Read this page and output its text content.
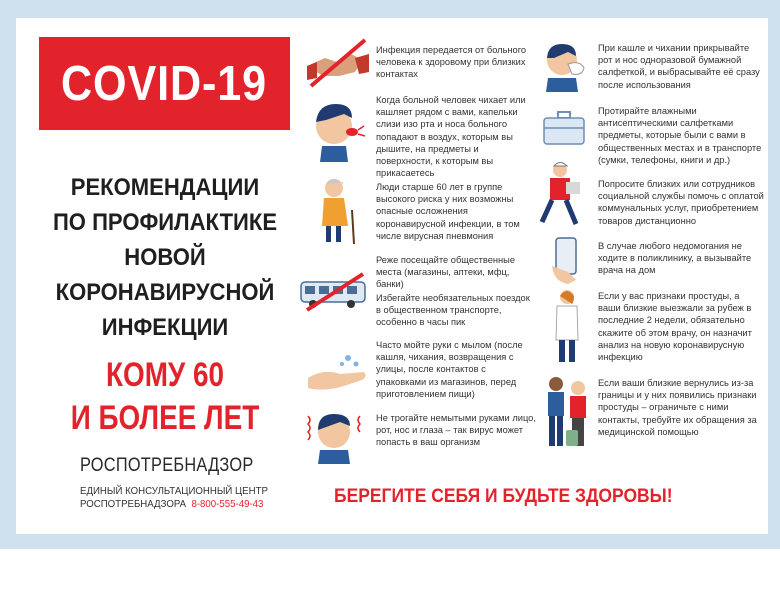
COVID-19
РЕКОМЕНДАЦИИ
ПО ПРОФИЛАКТИКЕ
НОВОЙ
КОРОНАВИРУСНОЙ
ИНФЕКЦИИ
КОМУ 60
И БОЛЕЕ ЛЕТ
РОСПОТРЕБНАДЗОР
ЕДИНЫЙ КОНСУЛЬТАЦИОННЫЙ ЦЕНТР
РОСПОТРЕБНАДЗОРА 8-800-555-49-43
Инфекция передается от больного человека к здоровому при близких контактах
Когда больной человек чихает или кашляет рядом с вами, капельки слизи изо рта и носа больного попадают в воздух, которым вы дышите, на предметы и поверхности, к которым вы прикасаетесь
Люди старше 60 лет в группе высокого риска у них возможны опасные осложнения коронавирусной инфекции, в том числе вирусная пневмония
Реже посещайте общественные места (магазины, аптеки, мфц, банки)
Избегайте необязательных поездок в общественном транспорте, особенно в часы пик
Часто мойте руки с мылом (после кашля, чихания, возвращения с улицы, после контактов с упаковками из магазинов, перед приготовлением пищи)
Не трогайте немытыми руками лицо, рот, нос и глаза – так вирус может попасть в ваш организм
При кашле и чихании прикрывайте рот и нос одноразовой бумажной салфеткой, и выбрасывайте её сразу после использования
Протирайте влажными антисептическими салфетками предметы, которые были с вами в общественных местах и в транспорте (сумки, телефоны, книги и др.)
Попросите близких или сотрудников социальной службы помочь с оплатой коммунальных услуг, приобретением товаров дистанционно
В случае любого недомогания не ходите в поликлинику, а вызывайте врача на дом
Если у вас признаки простуды, а ваши близкие выезжали за рубеж в последние 2 недели, обязательно скажите об этом врачу, он назначит анализ на новую коронавирусную инфекцию
Если ваши близкие вернулись из-за границы и у них появились признаки простуды – ограничьте с ними контакты, требуйте их обращения за медицинской помощью
БЕРЕГИТЕ СЕБЯ И БУДЬТЕ ЗДОРОВЫ!
